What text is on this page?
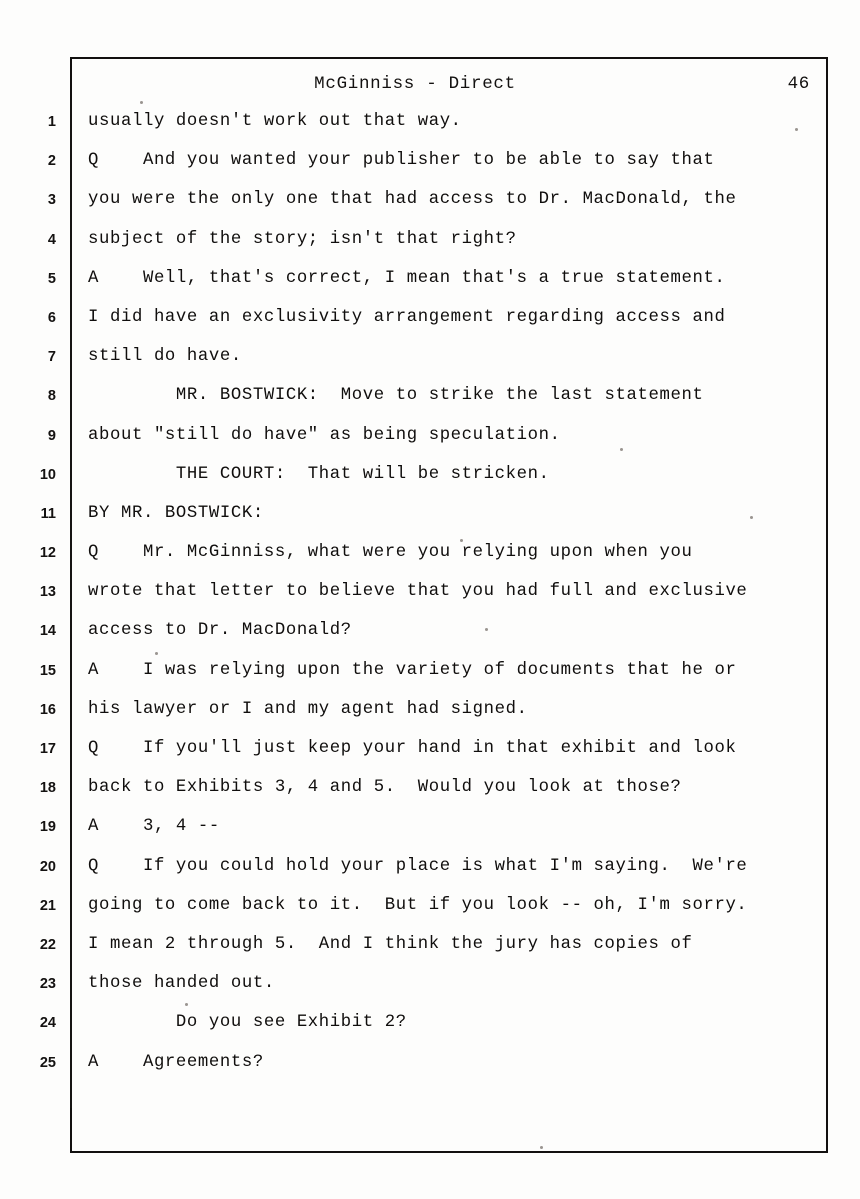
McGinniss - Direct	46
1 usually doesn't work out that way.
2 Q    And you wanted your publisher to be able to say that
3 you were the only one that had access to Dr. MacDonald, the
4 subject of the story; isn't that right?
5 A    Well, that's correct, I mean that's a true statement.
6 I did have an exclusivity arrangement regarding access and
7 still do have.
8 MR. BOSTWICK:  Move to strike the last statement
9 about "still do have" as being speculation.
10 THE COURT:  That will be stricken.
11 BY MR. BOSTWICK:
12 Q    Mr. McGinniss, what were you relying upon when you
13 wrote that letter to believe that you had full and exclusive
14 access to Dr. MacDonald?
15 A    I was relying upon the variety of documents that he or
16 his lawyer or I and my agent had signed.
17 Q    If you'll just keep your hand in that exhibit and look
18 back to Exhibits 3, 4 and 5.  Would you look at those?
19 A    3, 4 --
20 Q    If you could hold your place is what I'm saying.  We're
21 going to come back to it.  But if you look -- oh, I'm sorry.
22 I mean 2 through 5.  And I think the jury has copies of
23 those handed out.
24 Do you see Exhibit 2?
25 A    Agreements?
